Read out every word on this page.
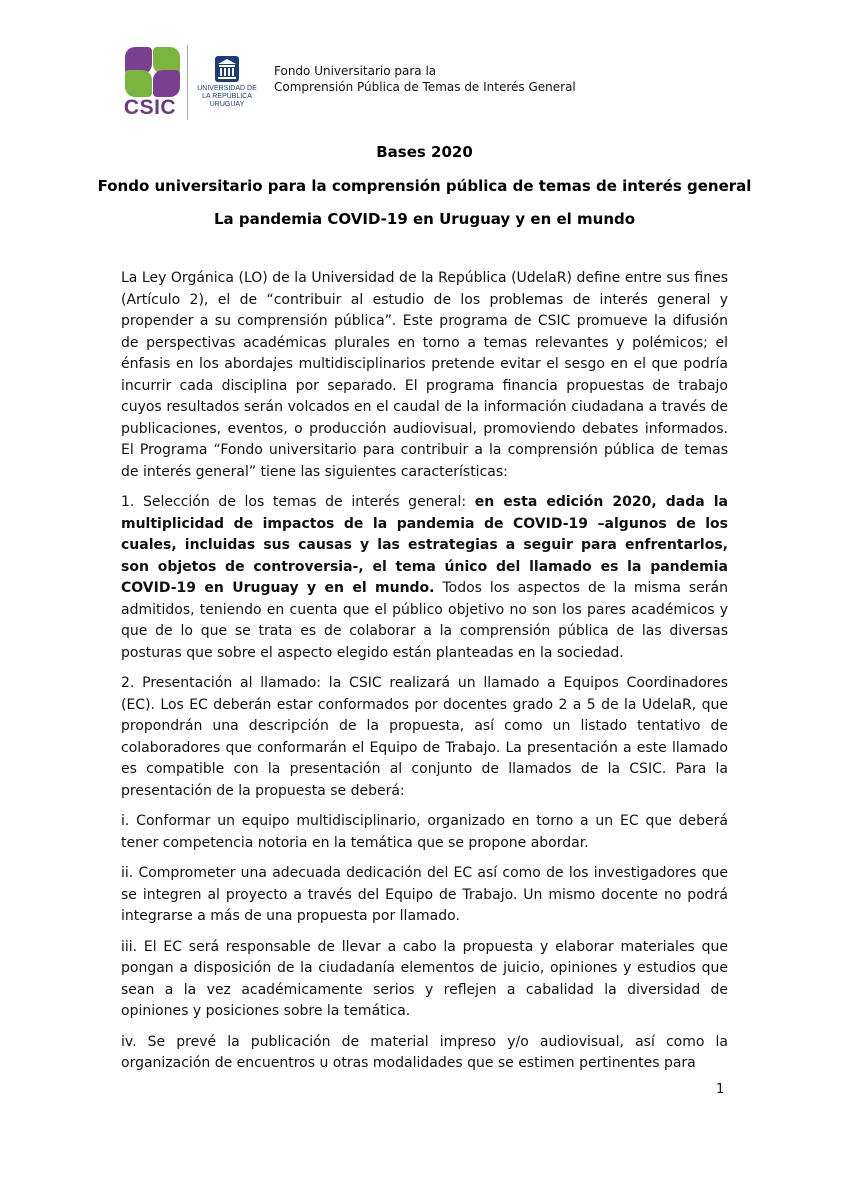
CSIC
UNIVERSIDAD DE LA REPÚBLICA URUGUAY
Fondo Universitario para la
Comprensión Pública de Temas de Interés General
Bases 2020
Fondo universitario para la comprensión pública de temas de interés general
La pandemia COVID-19 en Uruguay y en el mundo

La Ley Orgánica (LO) de la Universidad de la República (UdelaR) define entre sus fines (Artículo 2), el de “contribuir al estudio de los problemas de interés general y propender a su comprensión pública”. Este programa de CSIC promueve la difusión de perspectivas académicas plurales en torno a temas relevantes y polémicos; el énfasis en los abordajes multidisciplinarios pretende evitar el sesgo en el que podría incurrir cada disciplina por separado. El programa financia propuestas de trabajo cuyos resultados serán volcados en el caudal de la información ciudadana a través de publicaciones, eventos, o producción audiovisual, promoviendo debates informados. El Programa “Fondo universitario para contribuir a la comprensión pública de temas de interés general” tiene las siguientes características:

1. Selección de los temas de interés general: en esta edición 2020, dada la multiplicidad de impactos de la pandemia de COVID-19 –algunos de los cuales, incluidas sus causas y las estrategias a seguir para enfrentarlos, son objetos de controversia-, el tema único del llamado es la pandemia COVID-19 en Uruguay y en el mundo. Todos los aspectos de la misma serán admitidos, teniendo en cuenta que el público objetivo no son los pares académicos y que de lo que se trata es de colaborar a la comprensión pública de las diversas posturas que sobre el aspecto elegido están planteadas en la sociedad.

2. Presentación al llamado: la CSIC realizará un llamado a Equipos Coordinadores (EC). Los EC deberán estar conformados por docentes grado 2 a 5 de la UdelaR, que propondrán una descripción de la propuesta, así como un listado tentativo de colaboradores que conformarán el Equipo de Trabajo. La presentación a este llamado es compatible con la presentación al conjunto de llamados de la CSIC. Para la presentación de la propuesta se deberá:

i. Conformar un equipo multidisciplinario, organizado en torno a un EC que deberá tener competencia notoria en la temática que se propone abordar.

ii. Comprometer una adecuada dedicación del EC así como de los investigadores que se integren al proyecto a través del Equipo de Trabajo. Un mismo docente no podrá integrarse a más de una propuesta por llamado.

iii. El EC será responsable de llevar a cabo la propuesta y elaborar materiales que pongan a disposición de la ciudadanía elementos de juicio, opiniones y estudios que sean a la vez académicamente serios y reflejen a cabalidad la diversidad de opiniones y posiciones sobre la temática.

iv. Se prevé la publicación de material impreso y/o audiovisual, así como la organización de encuentros u otras modalidades que se estimen pertinentes para

1
